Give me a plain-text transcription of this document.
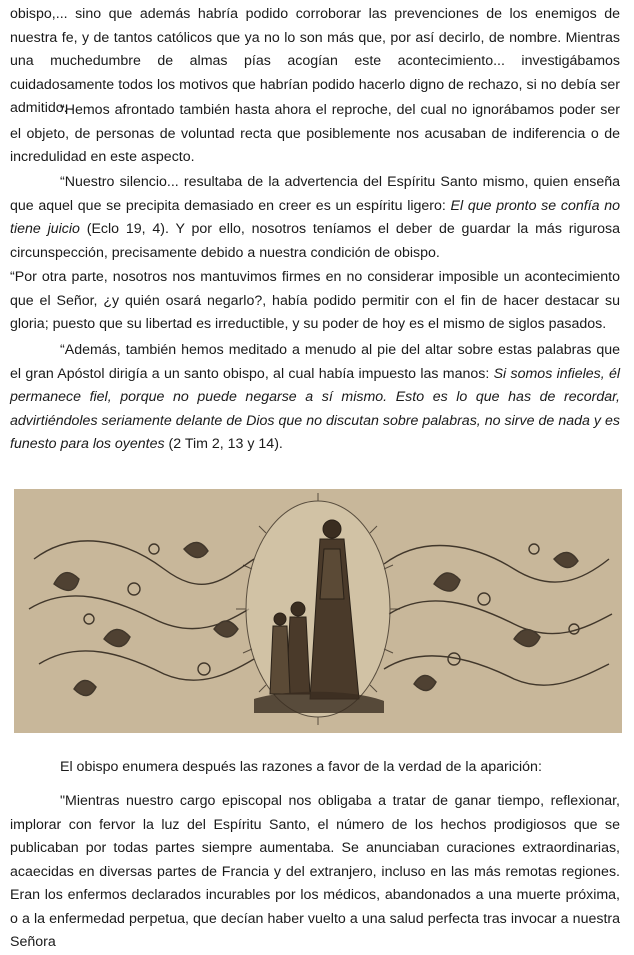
obispo,... sino que además habría podido corroborar las prevenciones de los enemigos de nuestra fe, y de tantos católicos que ya no lo son más que, por así decirlo, de nombre. Mientras una muchedumbre de almas pías acogían este acontecimiento... investigábamos cuidadosamente todos los motivos que habrían podido hacerlo digno de rechazo, si no debía ser admitido.

“Hemos afrontado también hasta ahora el reproche, del cual no ignorábamos poder ser el objeto, de personas de voluntad recta que posiblemente nos acusaban de indiferencia o de incredulidad en este aspecto.

“Nuestro silencio... resultaba de la advertencia del Espíritu Santo mismo, quien enseña que aquel que se precipita demasiado en creer es un espíritu ligero: El que pronto se confía no tiene juicio (Eclo 19, 4). Y por ello, nosotros teníamos el deber de guardar la más rigurosa circunspección, precisamente debido a nuestra condición de obispo.

“Por otra parte, nosotros nos mantuvimos firmes en no considerar imposible un acontecimiento que el Señor, ¿y quién osará negarlo?, había podido permitir con el fin de hacer destacar su gloria; puesto que su libertad es irreductible, y su poder de hoy es el mismo de siglos pasados.

“Además, también hemos meditado a menudo al pie del altar sobre estas palabras que el gran Apóstol dirigía a un santo obispo, al cual había impuesto las manos: Si somos infieles, él permanece fiel, porque no puede negarse a sí mismo. Esto es lo que has de recordar, advirtiéndoles seriamente delante de Dios que no discutan sobre palabras, no sirve de nada y es funesto para los oyentes (2 Tim 2, 13 y 14).

El obispo enumera después las razones a favor de la verdad de la aparición:

"Mientras nuestro cargo episcopal nos obligaba a tratar de ganar tiempo, reflexionar, implorar con fervor la luz del Espíritu Santo, el número de los hechos prodigiosos que se publicaban por todas partes siempre aumentaba. Se anunciaban curaciones extraordinarias, acaecidas en diversas partes de Francia y del extranjero, incluso en las más remotas regiones. Eran los enfermos declarados incurables por los médicos, abandonados a una muerte próxima, o a la enfermedad perpetua, que decían haber vuelto a una salud perfecta tras invocar a nuestra Señora
